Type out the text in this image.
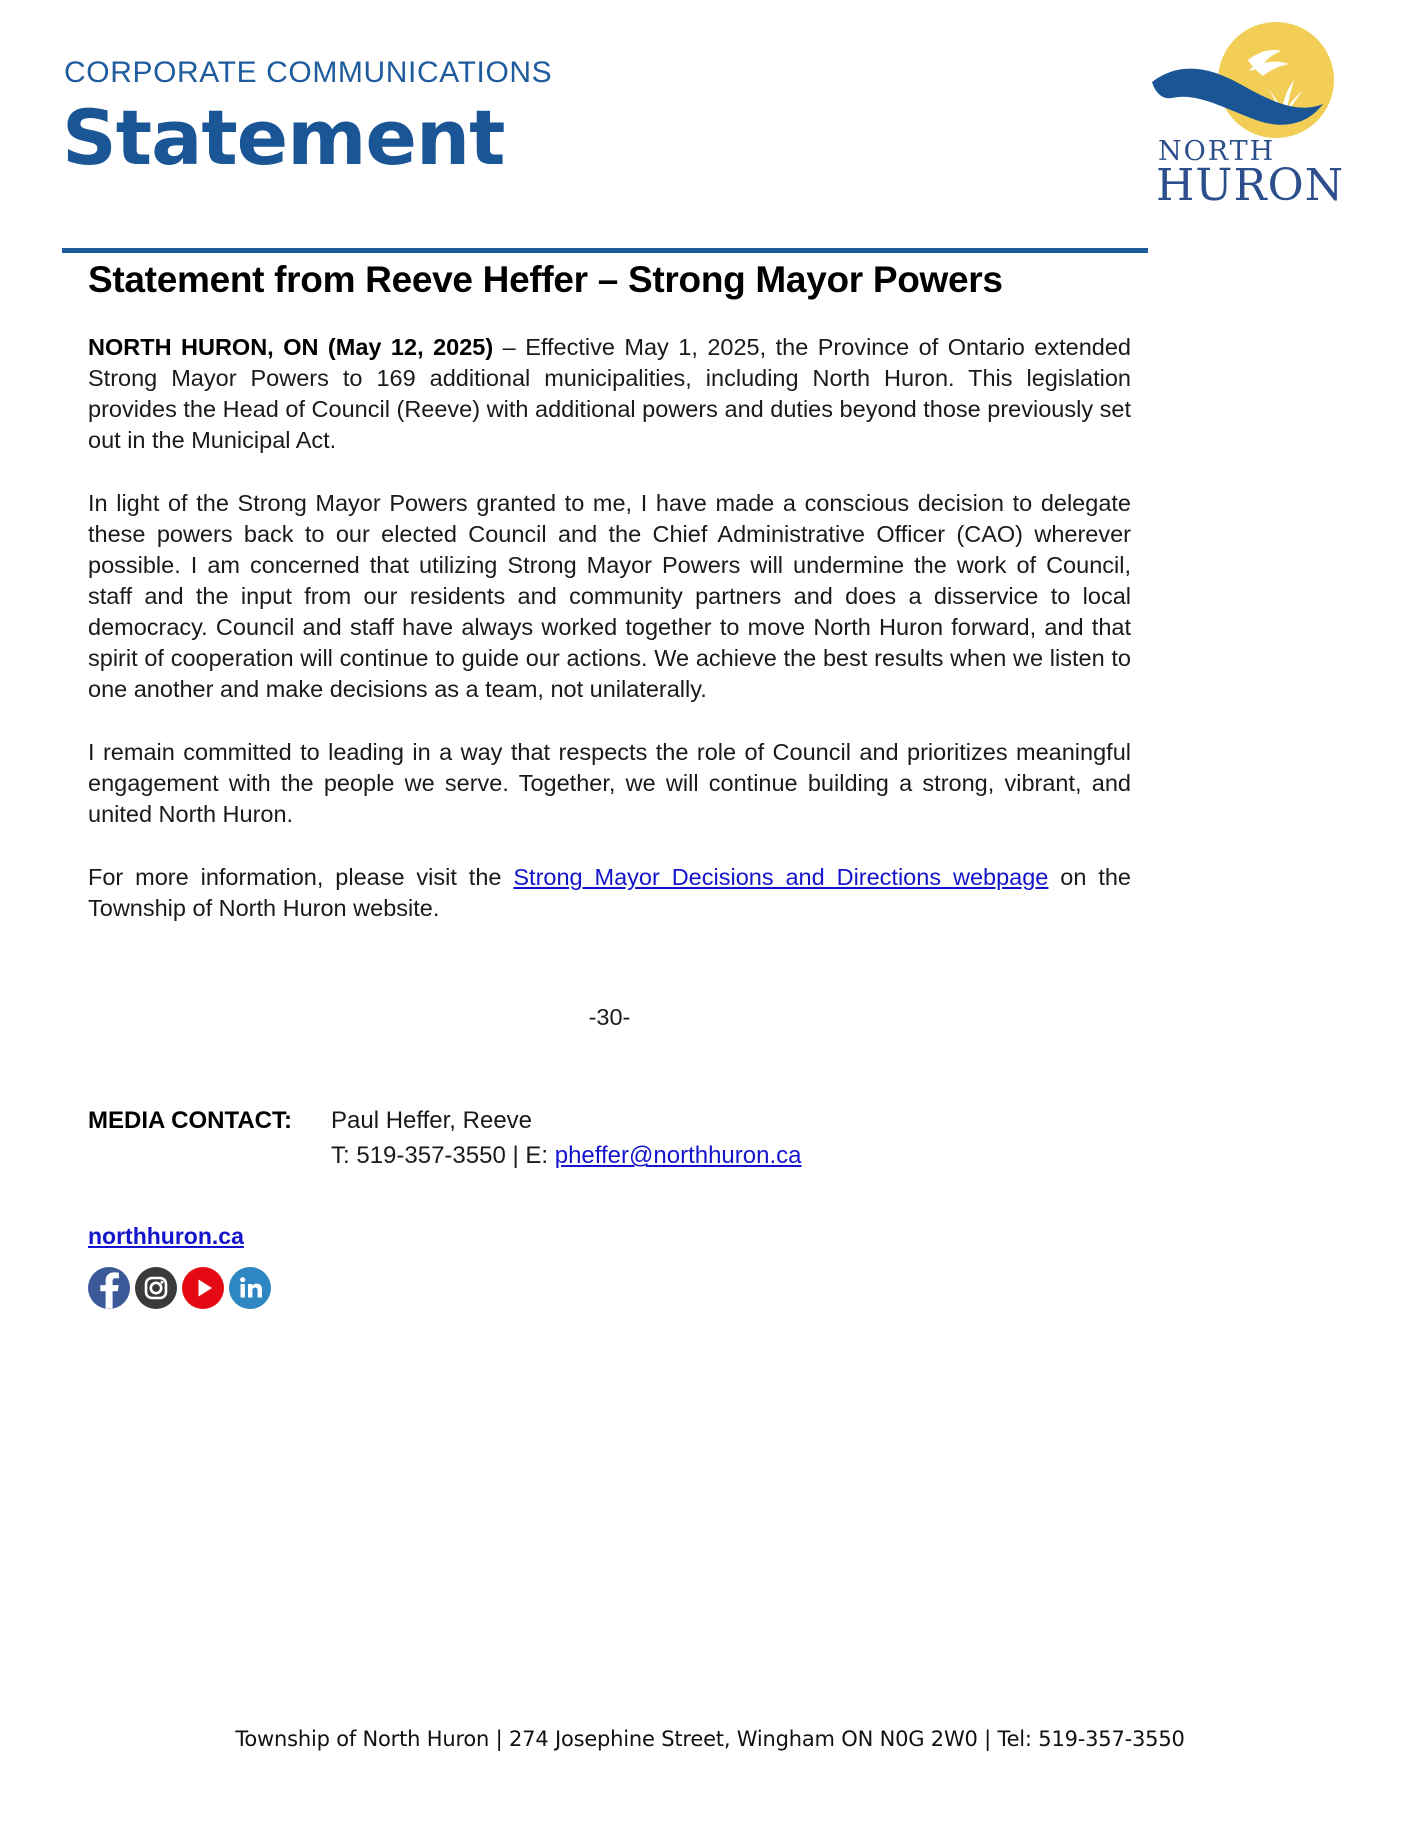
CORPORATE COMMUNICATIONS
Statement	NORTH
HURON
Statement from Reeve Heffer – Strong Mayor Powers

NORTH HURON, ON (May 12, 2025) – Effective May 1, 2025, the Province of Ontario extended Strong Mayor Powers to 169 additional municipalities, including North Huron. This legislation provides the Head of Council (Reeve) with additional powers and duties beyond those previously set out in the Municipal Act.

In light of the Strong Mayor Powers granted to me, I have made a conscious decision to delegate these powers back to our elected Council and the Chief Administrative Officer (CAO) wherever possible. I am concerned that utilizing Strong Mayor Powers will undermine the work of Council, staff and the input from our residents and community partners and does a disservice to local democracy. Council and staff have always worked together to move North Huron forward, and that spirit of cooperation will continue to guide our actions. We achieve the best results when we listen to one another and make decisions as a team, not unilaterally.

I remain committed to leading in a way that respects the role of Council and prioritizes meaningful engagement with the people we serve. Together, we will continue building a strong, vibrant, and united North Huron.

For more information, please visit the Strong Mayor Decisions and Directions webpage on the Township of North Huron website.

-30-

MEDIA CONTACT:	Paul Heffer, Reeve
T: 519-357-3550 | E: pheffer@northhuron.ca
northhuron.ca
Township of North Huron | 274 Josephine Street, Wingham ON N0G 2W0 | Tel: 519-357-3550
